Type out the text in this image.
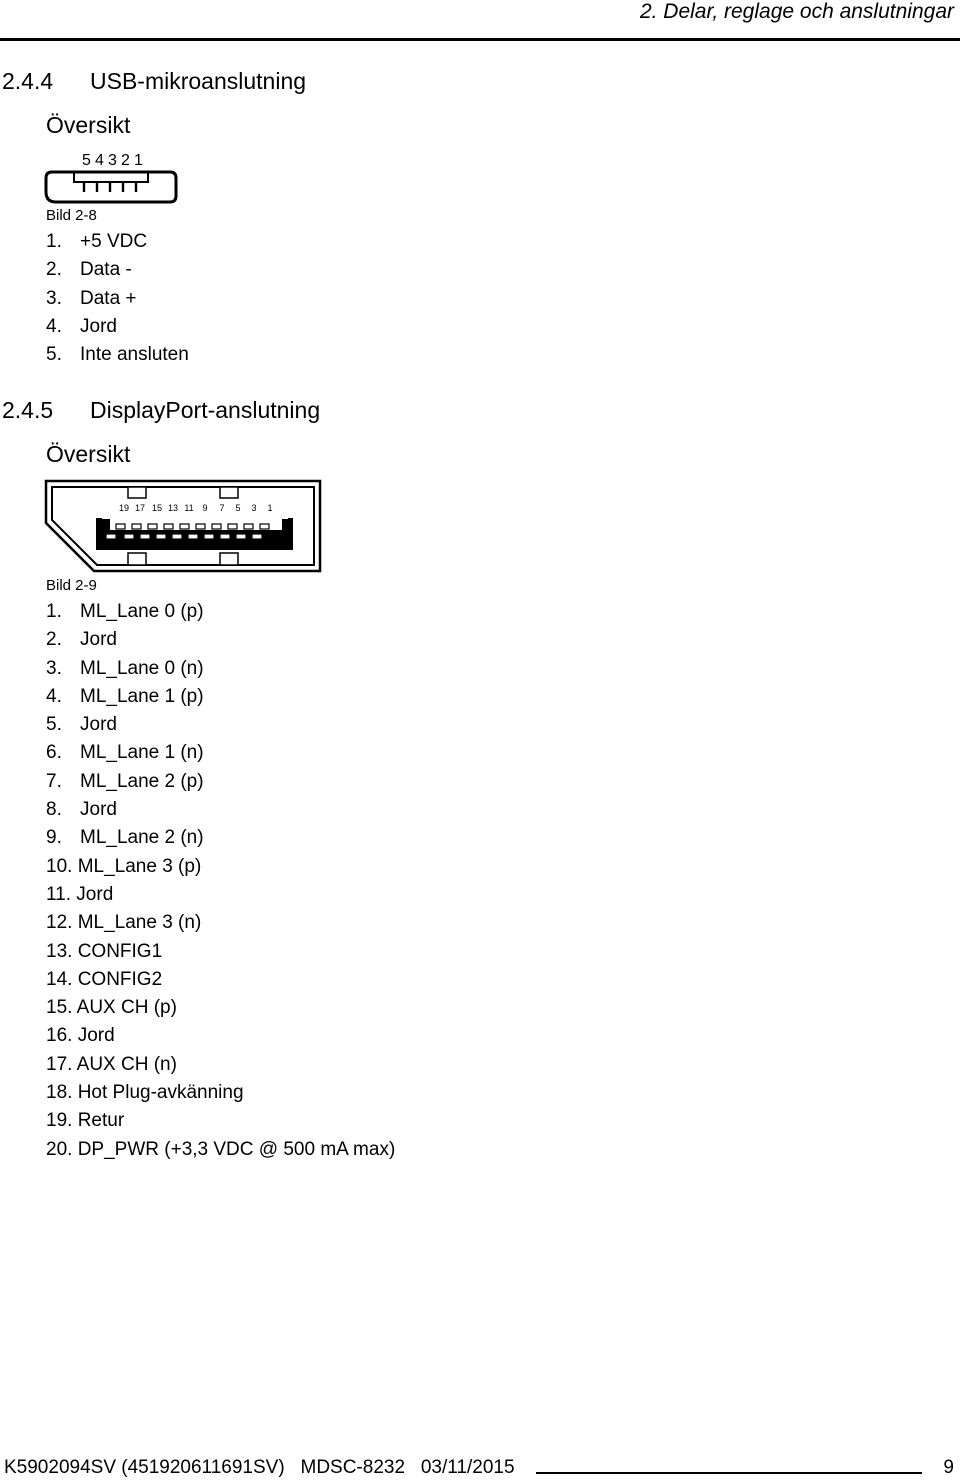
2. Delar, reglage och anslutningar
2.4.4 USB-mikroanslutning
Översikt
5 4 3 2 1
Bild 2-8
1. +5 VDC
2. Data -
3. Data +
4. Jord
5. Inte ansluten
2.4.5 DisplayPort-anslutning
Översikt
19 17 15 13 11 9 7 5 3 1
20 18 16 14 12 10 8 6 4 2
Bild 2-9
1. ML_Lane 0 (p)
2. Jord
3. ML_Lane 0 (n)
4. ML_Lane 1 (p)
5. Jord
6. ML_Lane 1 (n)
7. ML_Lane 2 (p)
8. Jord
9. ML_Lane 2 (n)
10. ML_Lane 3 (p)
11. Jord
12. ML_Lane 3 (n)
13. CONFIG1
14. CONFIG2
15. AUX CH (p)
16. Jord
17. AUX CH (n)
18. Hot Plug-avkänning
19. Retur
20. DP_PWR (+3,3 VDC @ 500 mA max)
K5902094SV (451920611691SV)   MDSC-8232   03/11/2015	9
